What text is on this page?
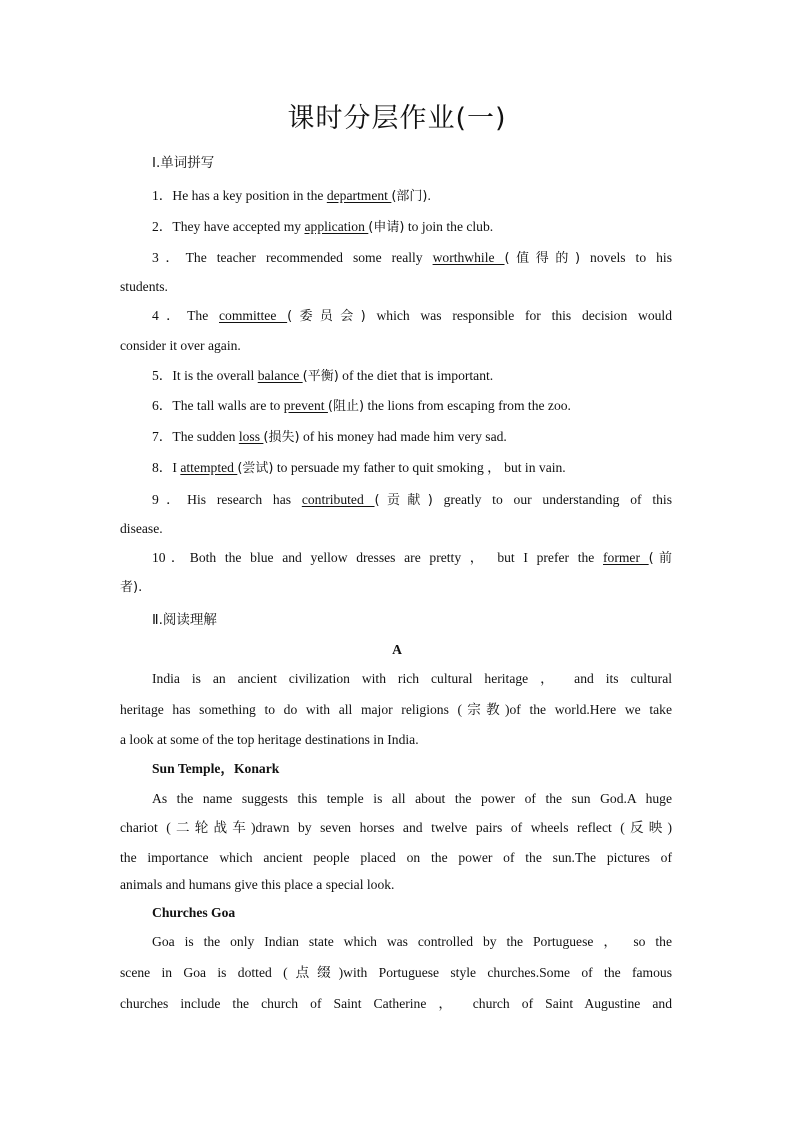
课时分层作业(一)
Ⅰ.单词拼写
1．He has a key position in the department (部门).
2．They have accepted my application (申请) to join the club.
3．The teacher recommended some really worthwhile (值得的) novels to his
students.
4．The committee (委员会) which was responsible for this decision would
consider it over again.
5．It is the overall balance (平衡) of the diet that is important.
6．The tall walls are to prevent (阻止) the lions from escaping from the zoo.
7．The sudden loss (损失) of his money had made him very sad.
8．I attempted (尝试) to persuade my father to quit smoking ， but in vain.
9．His research has contributed (贡献) greatly to our understanding of this
disease.
10．Both the blue and yellow dresses are pretty ， but I prefer the former (前
者).
Ⅱ.阅读理解
A
India is an ancient civilization with rich cultural heritage ， and its cultural
heritage has something to do with all major religions (宗教)of the world.Here we take
a look at some of the top heritage destinations in India.
Sun Temple，Konark
As the name suggests this temple is all about the power of the sun God.A huge
chariot (二轮战车)drawn by seven horses and twelve pairs of wheels reflect (反映)
the importance which ancient people placed on the power of the sun.The pictures of
animals and humans give this place a special look.
Churches Goa
Goa is the only Indian state which was controlled by the Portuguese ， so the
scene in Goa is dotted (点缀)with Portuguese style churches.Some of the famous
churches include the church of Saint Catherine ， church of Saint Augustine and
